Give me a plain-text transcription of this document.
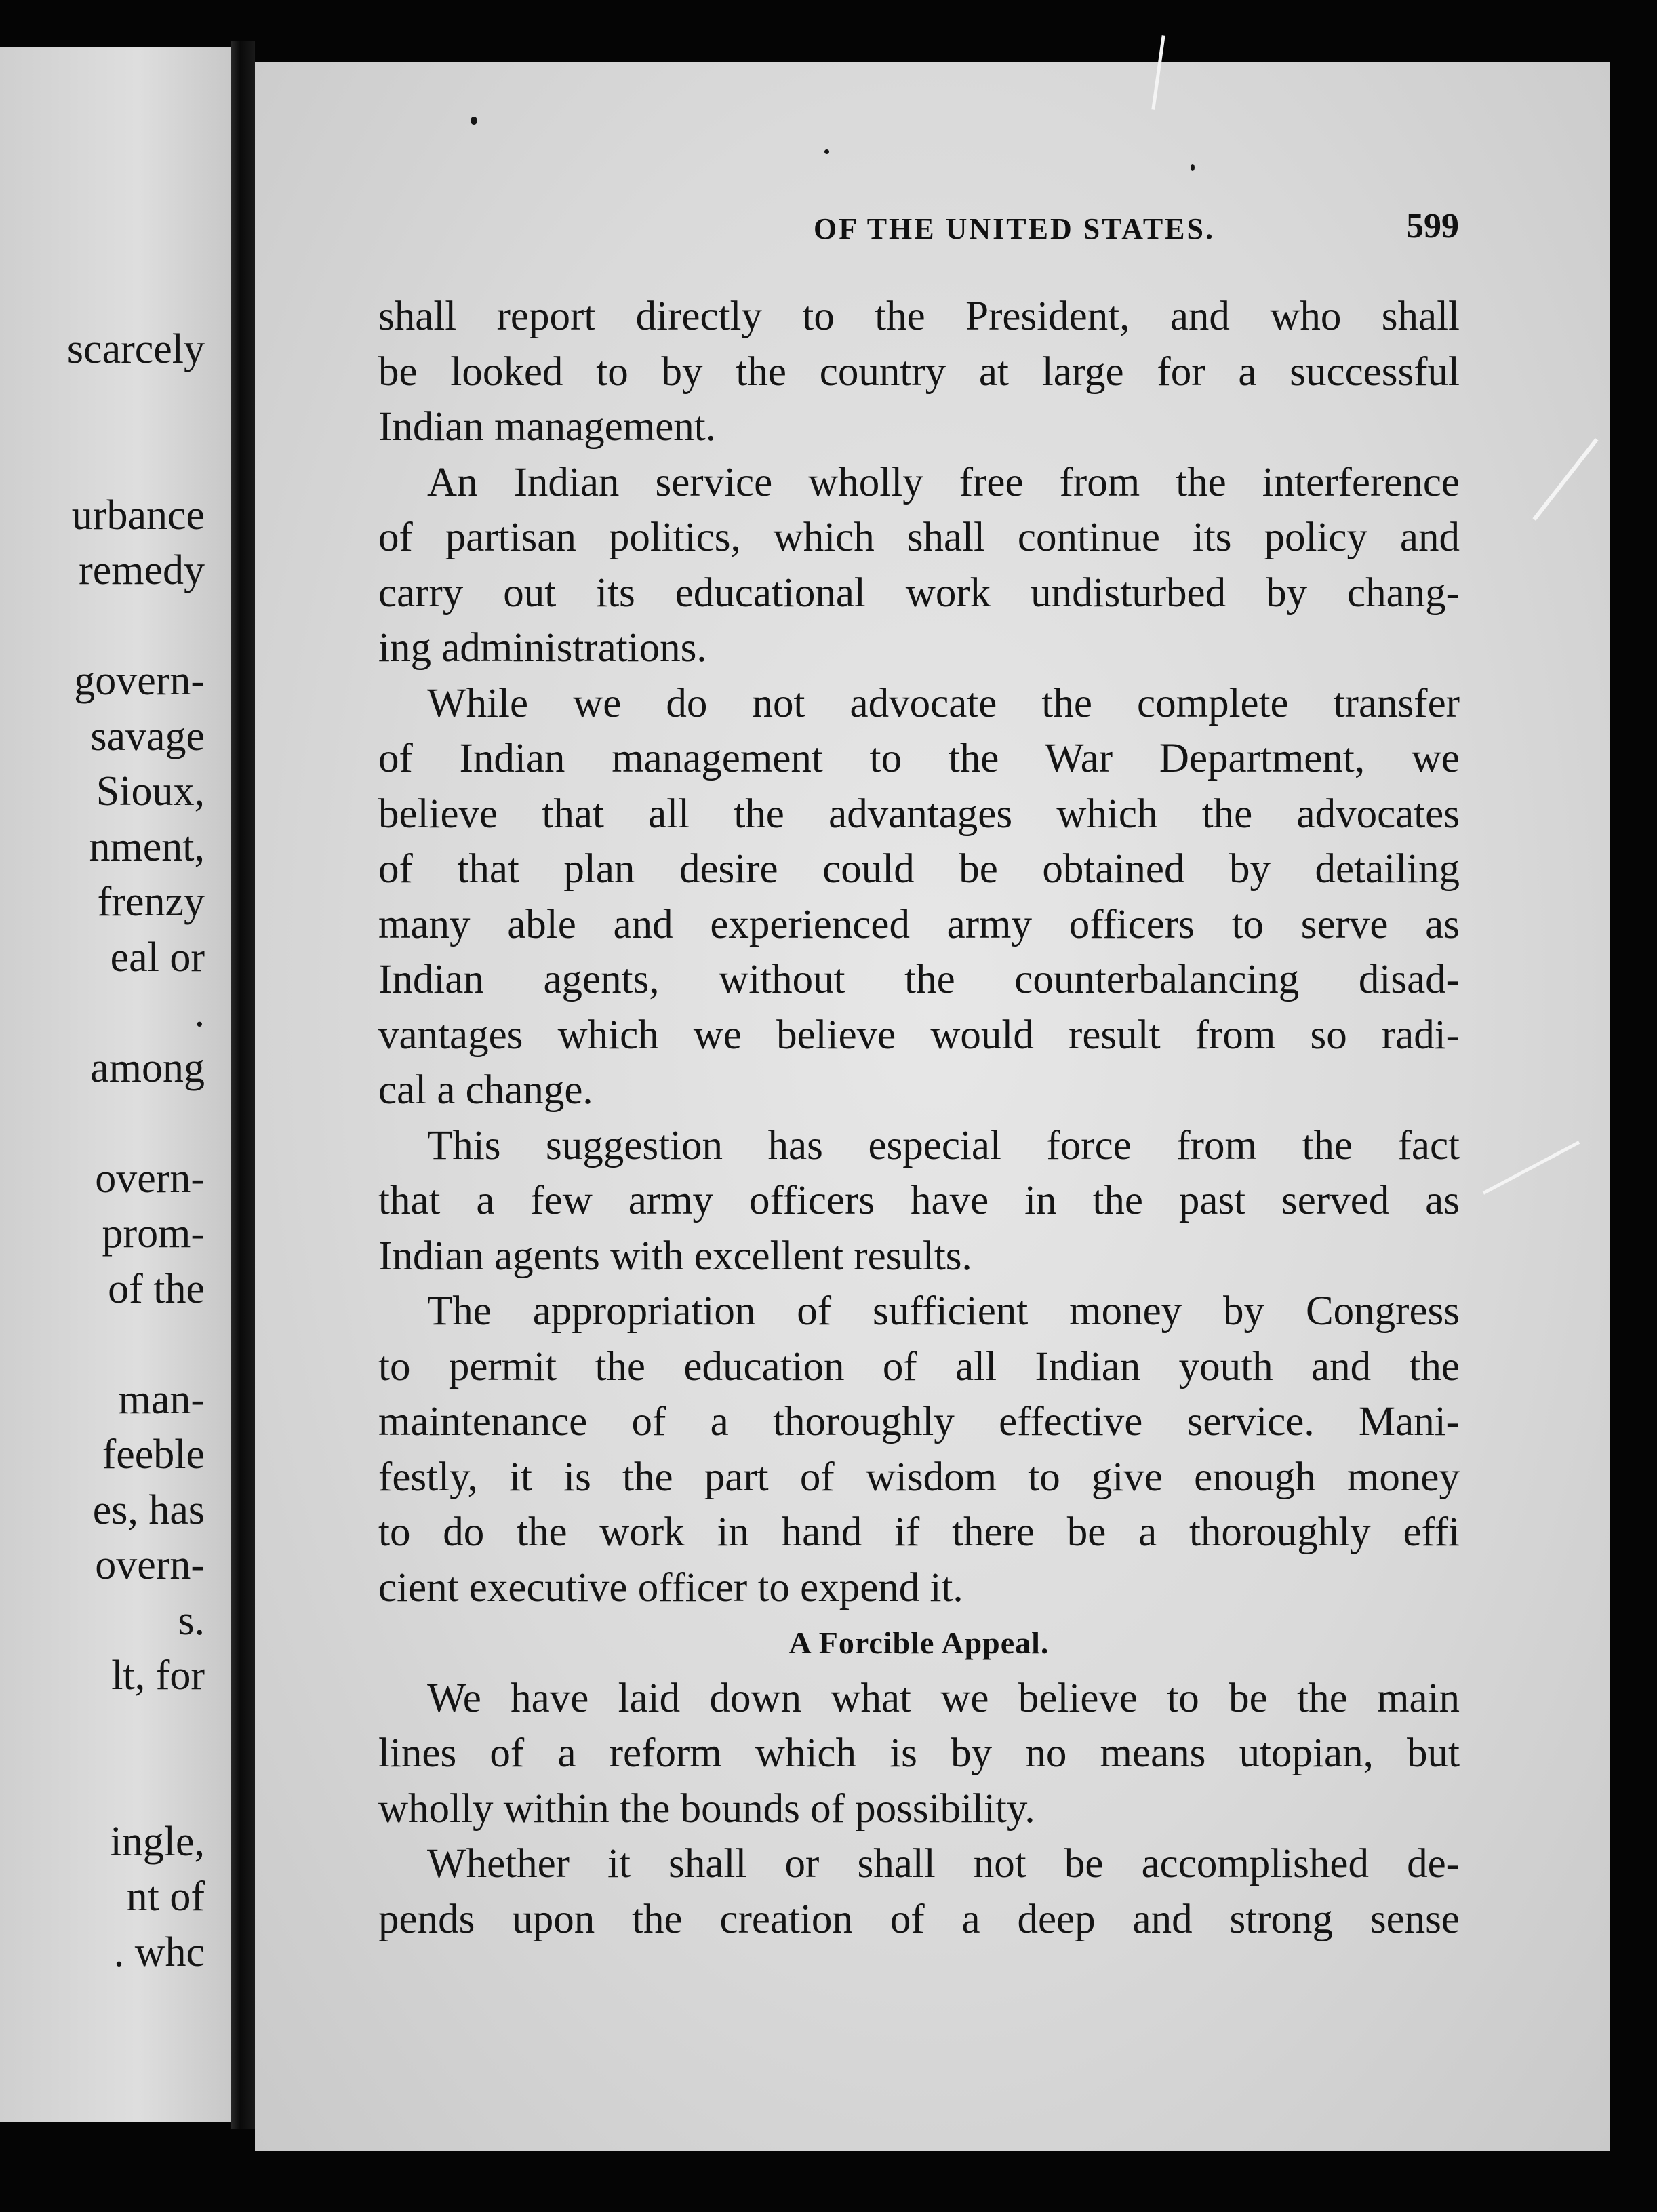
scarcely
urbance
remedy
govern-
savage
Sioux,
nment,
frenzy
eal or
.
among
overn-
prom-
of the
man-
feeble
es, has
overn-
s.
lt, for
ingle,
nt of
. whc
OF THE UNITED STATES.	599
shall report directly to the President, and who shall
be looked to by the country at large for a successful
Indian management.
An Indian service wholly free from the interference
of partisan politics, which shall continue its policy and
carry out its educational work undisturbed by chang-
ing administrations.
While we do not advocate the complete transfer
of Indian management to the War Department, we
believe that all the advantages which the advocates
of that plan desire could be obtained by detailing
many able and experienced army officers to serve as
Indian agents, without the counterbalancing disad-
vantages which we believe would result from so radi-
cal a change.
This suggestion has especial force from the fact
that a few army officers have in the past served as
Indian agents with excellent results.
The appropriation of sufficient money by Congress
to permit the education of all Indian youth and the
maintenance of a thoroughly effective service. Mani-
festly, it is the part of wisdom to give enough money
to do the work in hand if there be a thoroughly effi
cient executive officer to expend it.
A Forcible Appeal.
We have laid down what we believe to be the main
lines of a reform which is by no means utopian, but
wholly within the bounds of possibility.
Whether it shall or shall not be accomplished de-
pends upon the creation of a deep and strong sense
